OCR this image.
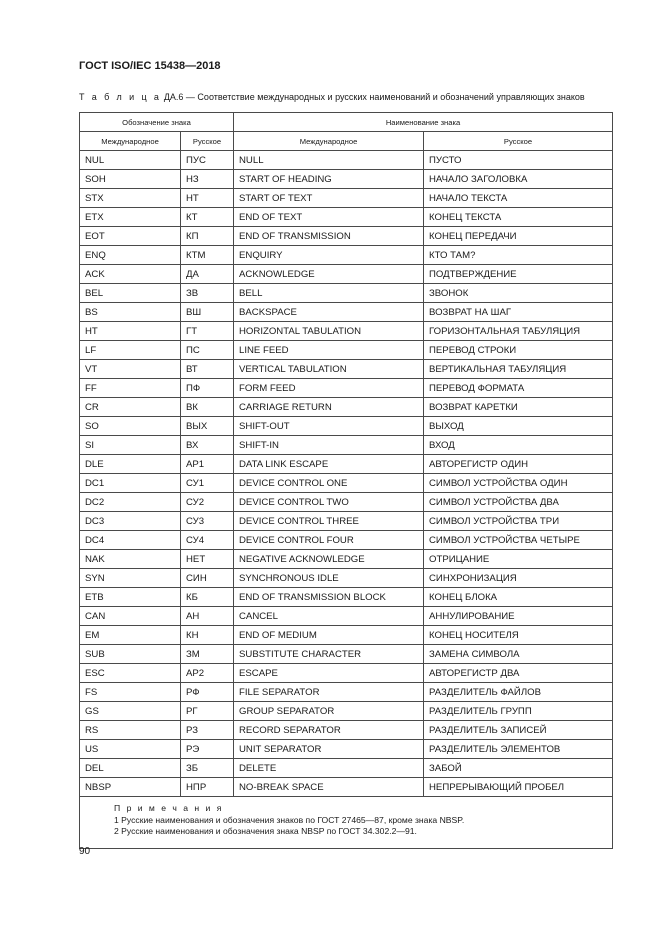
ГОСТ ISO/IEC 15438—2018
Т а б л и ц а ДА.6 — Соответствие международных и русских наименований и обозначений управляющих знаков
Обозначение знака		Наименование знака	
Международное	Русское	Международное	Русское
NUL	ПУС	NULL	ПУСТО
SOH	НЗ	START OF HEADING	НАЧАЛО ЗАГОЛОВКА
STX	НТ	START OF TEXT	НАЧАЛО ТЕКСТА
ETX	КТ	END OF TEXT	КОНЕЦ ТЕКСТА
EOT	КП	END OF TRANSMISSION	КОНЕЦ ПЕРЕДАЧИ
ENQ	КТМ	ENQUIRY	КТО ТАМ?
ACK	ДА	ACKNOWLEDGE	ПОДТВЕРЖДЕНИЕ
BEL	ЗВ	BELL	ЗВОНОК
BS	ВШ	BACKSPACE	ВОЗВРАТ НА ШАГ
HT	ГТ	HORIZONTAL TABULATION	ГОРИЗОНТАЛЬНАЯ ТАБУЛЯЦИЯ
LF	ПС	LINE FEED	ПЕРЕВОД СТРОКИ
VT	ВТ	VERTICAL TABULATION	ВЕРТИКАЛЬНАЯ ТАБУЛЯЦИЯ
FF	ПФ	FORM FEED	ПЕРЕВОД ФОРМАТА
CR	ВК	CARRIAGE RETURN	ВОЗВРАТ КАРЕТКИ
SO	ВЫХ	SHIFT-OUT	ВЫХОД
SI	ВХ	SHIFT-IN	ВХОД
DLE	АР1	DATA LINK ESCAPE	АВТОРЕГИСТР ОДИН
DC1	СУ1	DEVICE CONTROL ONE	СИМВОЛ УСТРОЙСТВА ОДИН
DC2	СУ2	DEVICE CONTROL TWO	СИМВОЛ УСТРОЙСТВА ДВА
DC3	СУ3	DEVICE CONTROL THREE	СИМВОЛ УСТРОЙСТВА ТРИ
DC4	СУ4	DEVICE CONTROL FOUR	СИМВОЛ УСТРОЙСТВА ЧЕТЫРЕ
NAK	НЕТ	NEGATIVE ACKNOWLEDGE	ОТРИЦАНИЕ
SYN	СИН	SYNCHRONOUS IDLE	СИНХРОНИЗАЦИЯ
ETB	КБ	END OF TRANSMISSION BLOCK	КОНЕЦ БЛОКА
CAN	АН	CANCEL	АННУЛИРОВАНИЕ
EM	КН	END OF MEDIUM	КОНЕЦ НОСИТЕЛЯ
SUB	ЗМ	SUBSTITUTE CHARACTER	ЗАМЕНА СИМВОЛА
ESC	АР2	ESCAPE	АВТОРЕГИСТР ДВА
FS	РФ	FILE SEPARATOR	РАЗДЕЛИТЕЛЬ ФАЙЛОВ
GS	РГ	GROUP SEPARATOR	РАЗДЕЛИТЕЛЬ ГРУПП
RS	РЗ	RECORD SEPARATOR	РАЗДЕЛИТЕЛЬ ЗАПИСЕЙ
US	РЭ	UNIT SEPARATOR	РАЗДЕЛИТЕЛЬ ЭЛЕМЕНТОВ
DEL	ЗБ	DELETE	ЗАБОЙ
NBSP	НПР	NO-BREAK SPACE	НЕПРЕРЫВАЮЩИЙ ПРОБЕЛ

П р и м е ч а н и я
1 Русские наименования и обозначения знаков по ГОСТ 27465—87, кроме знака NBSP.
2 Русские наименования и обозначения знака NBSP по ГОСТ 34.302.2—91.			
90
